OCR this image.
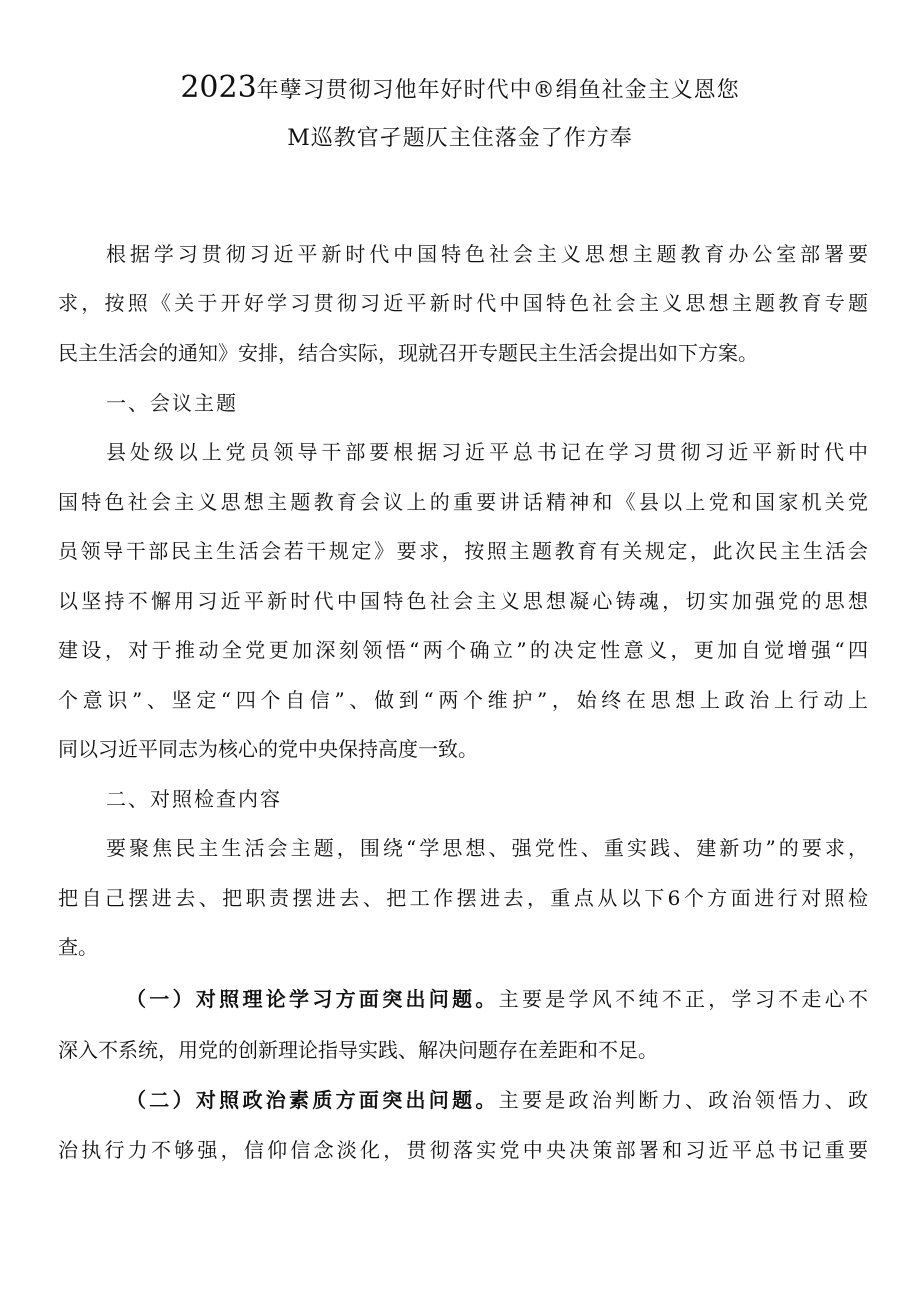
2023年孽习贯彻习他年好时代中®绢鱼社金主义恩您
M巡教官孑题仄主住落金了作方奉
根据学习贯彻习近平新时代中国特色社会主义思想主题教育办公室部署要
求，按照《关于开好学习贯彻习近平新时代中国特色社会主义思想主题教育专题
民主生活会的通知》安排，结合实际，现就召开专题民主生活会提出如下方案。
一、会议主题
县处级以上党员领导干部要根据习近平总书记在学习贯彻习近平新时代中
国特色社会主义思想主题教育会议上的重要讲话精神和《县以上党和国家机关党
员领导干部民主生活会若干规定》要求，按照主题教育有关规定，此次民主生活会
以坚持不懈用习近平新时代中国特色社会主义思想凝心铸魂，切实加强党的思想
建设，对于推动全党更加深刻领悟“两个确立”的决定性意义，更加自觉增强“四
个意识”、坚定“四个自信”、做到“两个维护”，始终在思想上政治上行动上
同以习近平同志为核心的党中央保持高度一致。
二、对照检查内容
要聚焦民主生活会主题，围绕“学思想、强党性、重实践、建新功”的要求，
把自己摆进去、把职责摆进去、把工作摆进去，重点从以下6个方面进行对照检
查。
（一）对照理论学习方面突出问题。主要是学风不纯不正，学习不走心不
深入不系统，用党的创新理论指导实践、解决问题存在差距和不足。
（二）对照政治素质方面突出问题。主要是政治判断力、政治领悟力、政
治执行力不够强，信仰信念淡化，贯彻落实党中央决策部署和习近平总书记重要
